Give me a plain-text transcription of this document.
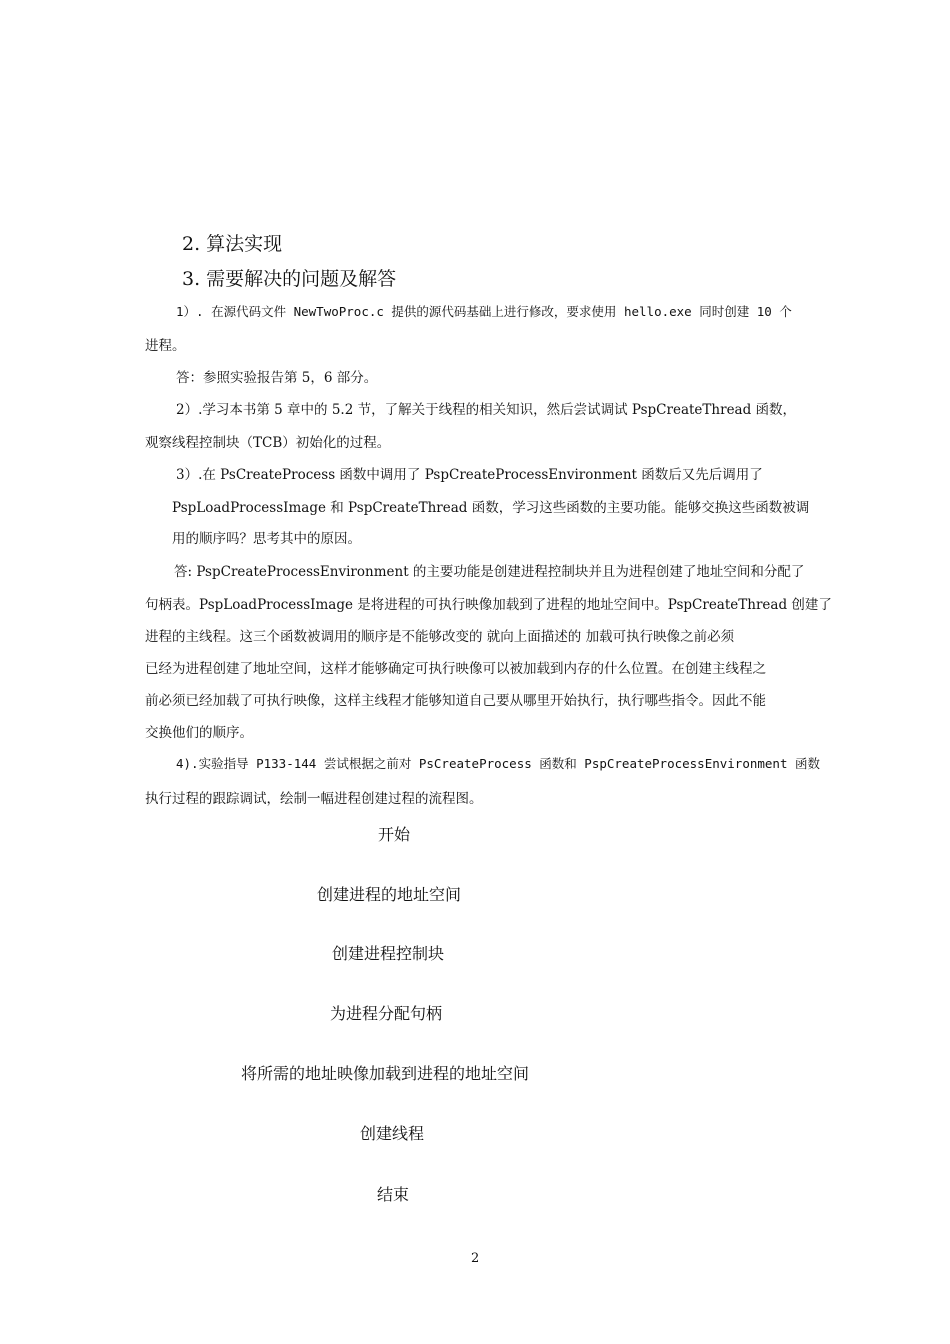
2. 算法实现
3. 需要解决的问题及解答
1）. 在源代码文件 NewTwoProc.c 提供的源代码基础上进行修改，要求使用 hello.exe 同时创建 10 个
进程。
答：参照实验报告第 5，6 部分。
2）.学习本书第 5 章中的 5.2 节，了解关于线程的相关知识，然后尝试调试 PspCreateThread 函数，
观察线程控制块（TCB）初始化的过程。
3）.在 PsCreateProcess 函数中调用了 PspCreateProcessEnvironment 函数后又先后调用了
PspLoadProcessImage 和 PspCreateThread 函数，学习这些函数的主要功能。能够交换这些函数被调
用的顺序吗？思考其中的原因。
答: PspCreateProcessEnvironment 的主要功能是创建进程控制块并且为进程创建了地址空间和分配了
句柄表。PspLoadProcessImage 是将进程的可执行映像加载到了进程的地址空间中。PspCreateThread 创建了
进程的主线程。这三个函数被调用的顺序是不能够改变的 就向上面描述的 加载可执行映像之前必须
已经为进程创建了地址空间，这样才能够确定可执行映像可以被加载到内存的什么位置。在创建主线程之
前必须已经加载了可执行映像，这样主线程才能够知道自己要从哪里开始执行，执行哪些指令。因此不能
交换他们的顺序。
4).实验指导 P133-144 尝试根据之前对 PsCreateProcess 函数和 PspCreateProcessEnvironment 函数
执行过程的跟踪调试，绘制一幅进程创建过程的流程图。
开始
创建进程的地址空间
创建进程控制块
为进程分配句柄
将所需的地址映像加载到进程的地址空间
创建线程
结束
2
